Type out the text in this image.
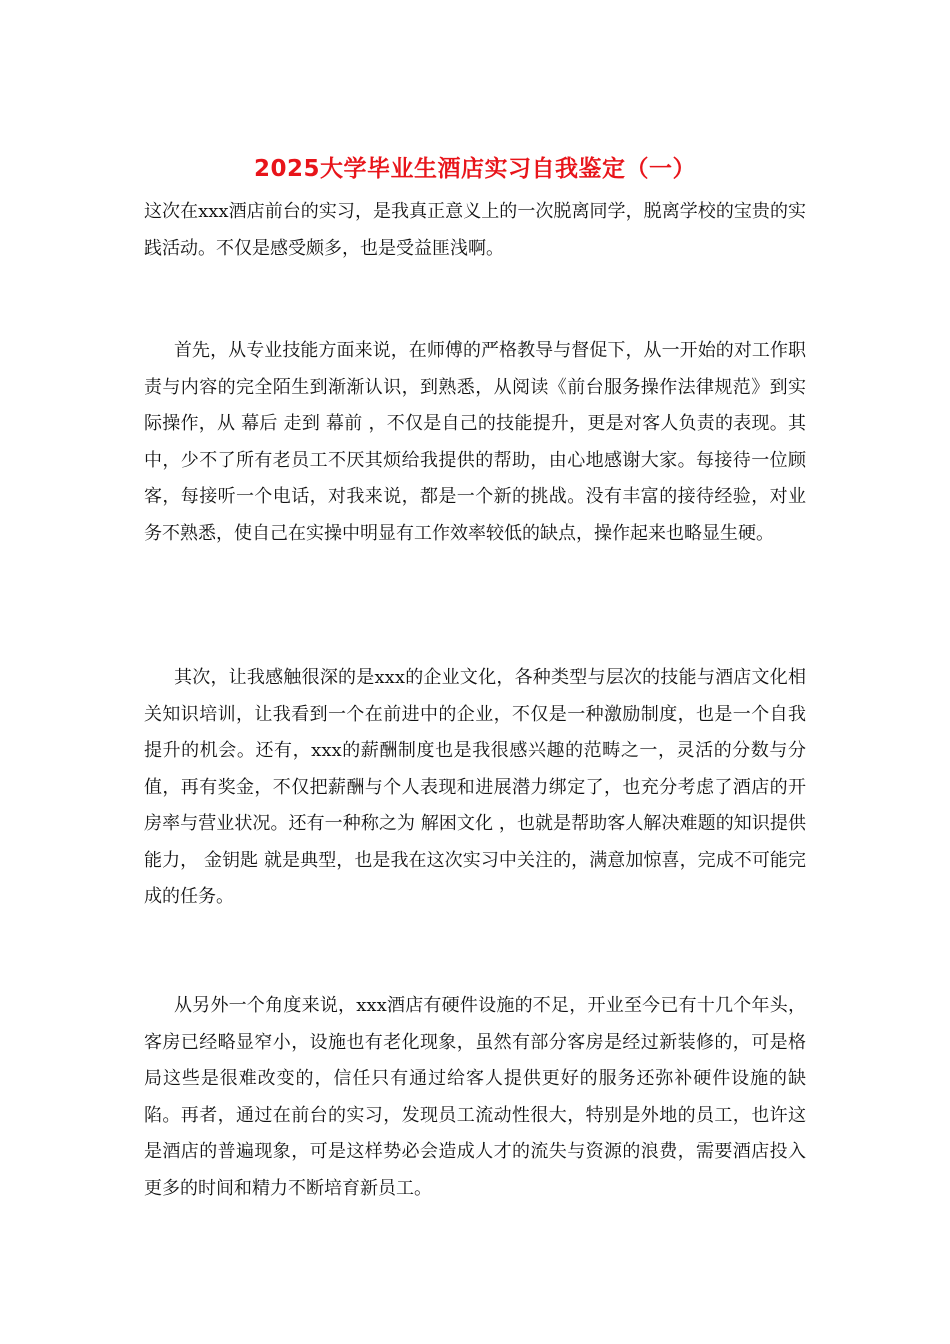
2025大学毕业生酒店实习自我鉴定（一）

这次在xxx酒店前台的实习，是我真正意义上的一次脱离同学，脱离学校的宝贵的实践活动。不仅是感受颇多，也是受益匪浅啊。

首先，从专业技能方面来说，在师傅的严格教导与督促下，从一开始的对工作职责与内容的完全陌生到渐渐认识，到熟悉，从阅读《前台服务操作法律规范》到实际操作，从 幕后 走到 幕前 ，不仅是自己的技能提升，更是对客人负责的表现。其中，少不了所有老员工不厌其烦给我提供的帮助，由心地感谢大家。每接待一位顾客，每接听一个电话，对我来说，都是一个新的挑战。没有丰富的接待经验，对业务不熟悉，使自己在实操中明显有工作效率较低的缺点，操作起来也略显生硬。

其次，让我感触很深的是xxx的企业文化，各种类型与层次的技能与酒店文化相关知识培训，让我看到一个在前进中的企业，不仅是一种激励制度，也是一个自我提升的机会。还有，xxx的薪酬制度也是我很感兴趣的范畴之一，灵活的分数与分值，再有奖金，不仅把薪酬与个人表现和进展潜力绑定了，也充分考虑了酒店的开房率与营业状况。还有一种称之为 解困文化 ，也就是帮助客人解决难题的知识提供能力， 金钥匙 就是典型，也是我在这次实习中关注的，满意加惊喜，完成不可能完成的任务。

从另外一个角度来说，xxx酒店有硬件设施的不足，开业至今已有十几个年头，客房已经略显窄小，设施也有老化现象，虽然有部分客房是经过新装修的，可是格局这些是很难改变的，信任只有通过给客人提供更好的服务还弥补硬件设施的缺陷。再者，通过在前台的实习，发现员工流动性很大，特别是外地的员工，也许这是酒店的普遍现象，可是这样势必会造成人才的流失与资源的浪费，需要酒店投入更多的时间和精力不断培育新员工。
